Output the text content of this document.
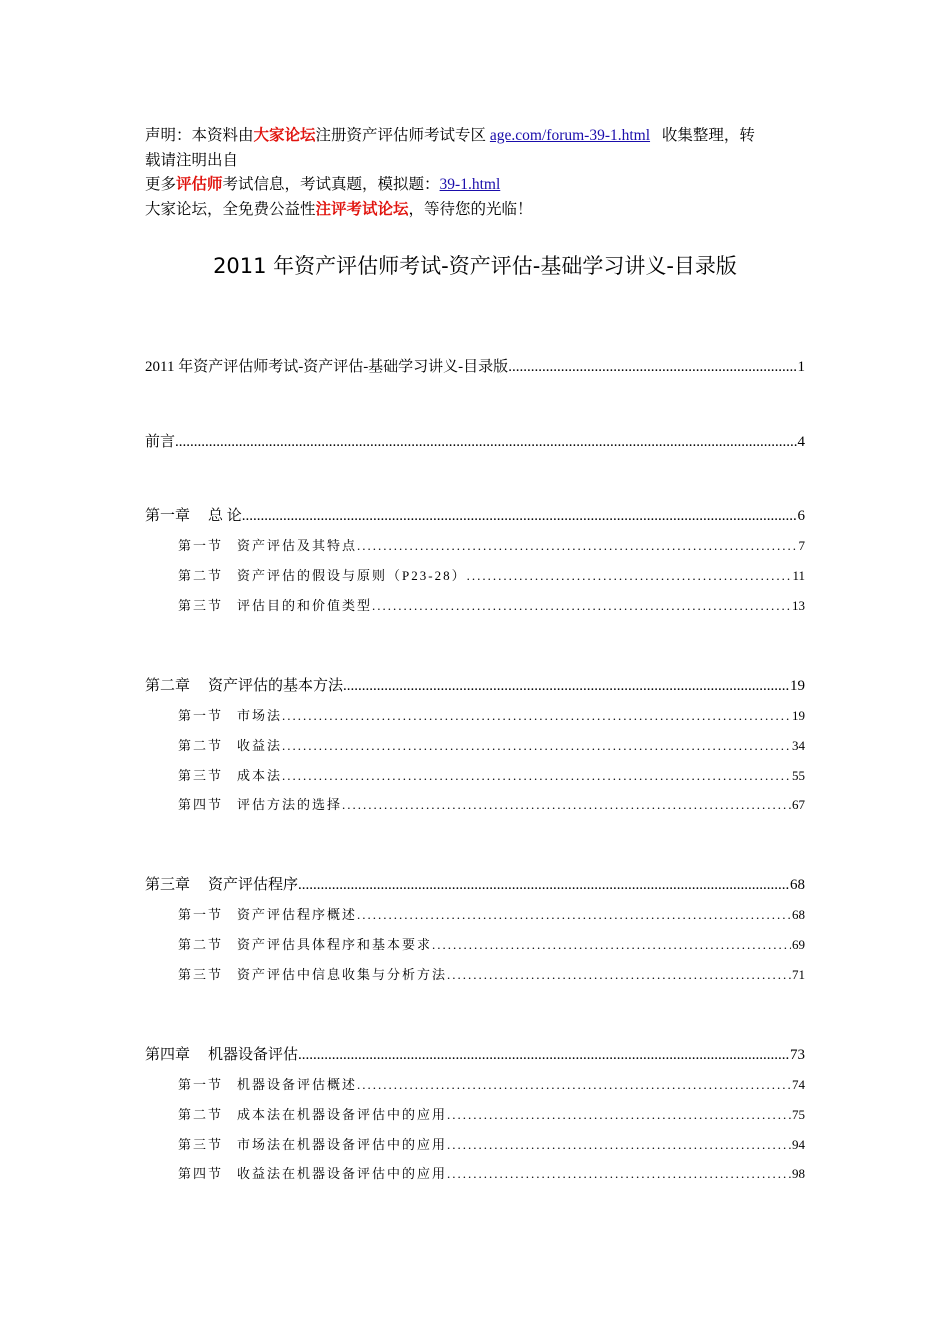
声明：本资料由大家论坛注册资产评估师考试专区 age.com/forum-39-1.html 收集整理，转
载请注明出自
更多评估师考试信息，考试真题，模拟题：39-1.html
大家论坛，全免费公益性注评考试论坛，等待您的光临！
2011 年资产评估师考试-资产评估-基础学习讲义-目录版
2011 年资产评估师考试-资产评估-基础学习讲义-目录版 .....	1
前言 .....	4
第一章 总 论 .....	6
第一节 资产评估及其特点 .....	7
第二节 资产评估的假设与原则（P23-28） .....	11
第三节 评估目的和价值类型 .....	13
第二章 资产评估的基本方法 .....	19
第一节 市场法 .....	19
第二节 收益法 .....	34
第三节 成本法 .....	55
第四节 评估方法的选择 .....	67
第三章 资产评估程序 .....	68
第一节 资产评估程序概述 .....	68
第二节 资产评估具体程序和基本要求 .....	69
第三节 资产评估中信息收集与分析方法 .....	71
第四章 机器设备评估 .....	73
第一节 机器设备评估概述 .....	74
第二节 成本法在机器设备评估中的应用 .....	75
第三节 市场法在机器设备评估中的应用 .....	94
第四节 收益法在机器设备评估中的应用 .....	98
